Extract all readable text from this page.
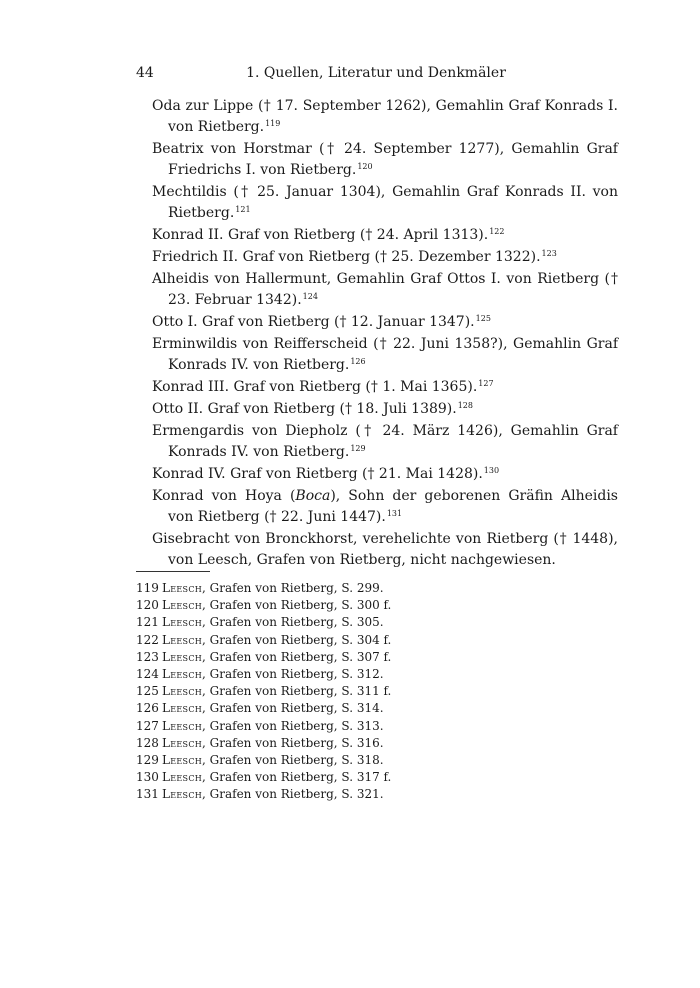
44	1. Quellen, Literatur und Denkmäler

Oda zur Lippe († 17. September 1262), Gemahlin Graf Konrads I. von Rietberg.$^{119}$

Beatrix von Horstmar († 24. September 1277), Gemahlin Graf Friedrichs I. von Rietberg.$^{120}$

Mechtildis († 25. Januar 1304), Gemahlin Graf Konrads II. von Rietberg.$^{121}$

Konrad II. Graf von Rietberg († 24. April 1313).$^{122}$

Friedrich II. Graf von Rietberg († 25. Dezember 1322).$^{123}$

Alheidis von Hallermunt, Gemahlin Graf Ottos I. von Rietberg († 23. Februar 1342).$^{124}$

Otto I. Graf von Rietberg († 12. Januar 1347).$^{125}$

Erminwildis von Reifferscheid († 22. Juni 1358?), Gemahlin Graf Konrads IV. von Rietberg.$^{126}$

Konrad III. Graf von Rietberg († 1. Mai 1365).$^{127}$

Otto II. Graf von Rietberg († 18. Juli 1389).$^{128}$

Ermengardis von Diepholz († 24. März 1426), Gemahlin Graf Konrads IV. von Rietberg.$^{129}$

Konrad IV. Graf von Rietberg († 21. Mai 1428).$^{130}$

Konrad von Hoya (Boca), Sohn der geborenen Gräfin Alheidis von Rietberg († 22. Juni 1447).$^{131}$

Gisebracht von Bronckhorst, verehelichte von Rietberg († 1448), von Leesch, Grafen von Rietberg, nicht nachgewiesen.

119 Leesch, Grafen von Rietberg, S. 299.
120 Leesch, Grafen von Rietberg, S. 300 f.
121 Leesch, Grafen von Rietberg, S. 305.
122 Leesch, Grafen von Rietberg, S. 304 f.
123 Leesch, Grafen von Rietberg, S. 307 f.
124 Leesch, Grafen von Rietberg, S. 312.
125 Leesch, Grafen von Rietberg, S. 311 f.
126 Leesch, Grafen von Rietberg, S. 314.
127 Leesch, Grafen von Rietberg, S. 313.
128 Leesch, Grafen von Rietberg, S. 316.
129 Leesch, Grafen von Rietberg, S. 318.
130 Leesch, Grafen von Rietberg, S. 317 f.
131 Leesch, Grafen von Rietberg, S. 321.
